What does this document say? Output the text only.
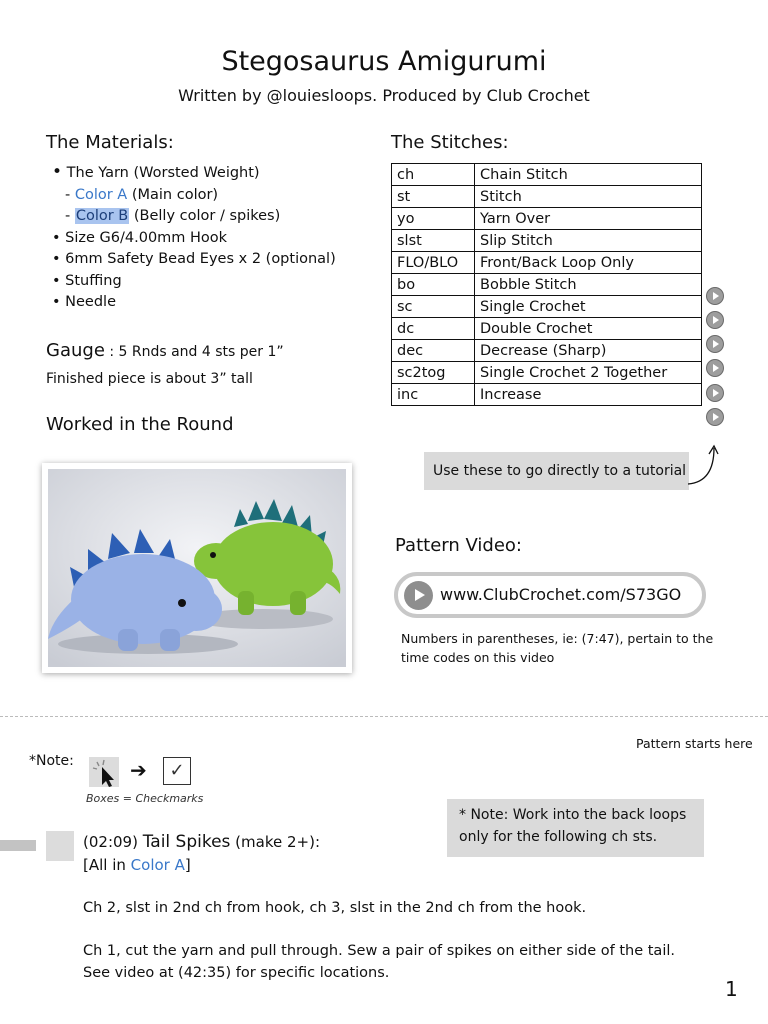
Stegosaurus Amigurumi
Written by @louiesloops. Produced by Club Crochet
The Materials:
• The Yarn (Worsted Weight)
- Color A (Main color)
- Color B (Belly color / spikes)
• Size G6/4.00mm Hook
• 6mm Safety Bead Eyes x 2 (optional)
• Stuffing
• Needle
Gauge : 5 Rnds and 4 sts per 1”
Finished piece is about 3” tall
Worked in the Round
The Stitches:
ch	Chain Stitch
st	Stitch
yo	Yarn Over
slst	Slip Stitch
FLO/BLO	Front/Back Loop Only
bo	Bobble Stitch
sc	Single Crochet
dc	Double Crochet
dec	Decrease (Sharp)
sc2tog	Single Crochet 2 Together
inc	Increase
Use these to go directly to a tutorial
Pattern Video:
www.ClubCrochet.com/S73GO
Numbers in parentheses, ie: (7:47), pertain to the time codes on this video
Pattern starts here
*Note:	➔	✓
Boxes = Checkmarks
* Note: Work into the back loops only for the following ch sts.
(02:09) Tail Spikes (make 2+):
[All in Color A]
Ch 2, slst in 2nd ch from hook, ch 3, slst in the 2nd ch from the hook.
Ch 1, cut the yarn and pull through. Sew a pair of spikes on either side of the tail.
See video at (42:35) for specific locations.
1
